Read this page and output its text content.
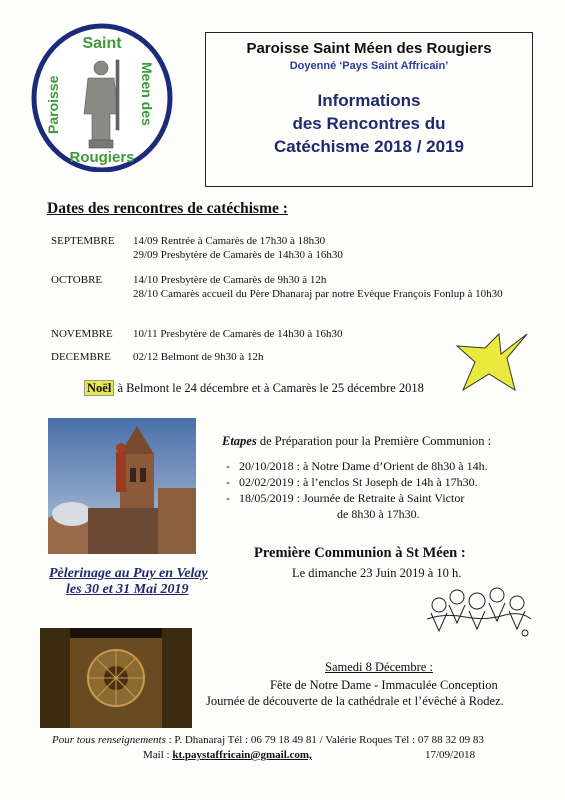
Saint
Rougiers
Paroisse	Meen des
Paroisse Saint Méen des Rougiers
Doyenné ‘Pays Saint Affricain’
Informations
des Rencontres du
Catéchisme 2018 / 2019
Dates des rencontres de catéchisme :
SEPTEMBRE 14/09 Rentrée à Camarès de 17h30 à 18h30
29/09 Presbytère de Camarès de 14h30 à 16h30
OCTOBRE	14/10 Presbytère de Camarès de 9h30 à 12h
28/10 Camarès accueil du Père Dhanaraj par notre Evèque François Fonlup à 10h30
NOVEMBRE 10/11 Presbytère de Camarès de 14h30 à 16h30
DECEMBRE 02/12 Belmont de 9h30 à 12h
Noël à Belmont le 24 décembre et à Camarès le 25 décembre 2018
Etapes de Préparation pour la Première Communion :
-   20/10/2018 : à Notre Dame d’Orient de 8h30 à 14h.
-   02/02/2019 : à l’enclos St Joseph de 14h à 17h30.
-   18/05/2019 : Journée de Retraite à Saint Victor
de 8h30 à 17h30.
Pèlerinage au Puy en Velay
les 30 et 31 Mai 2019
Première Communion à St Méen :
Le dimanche 23 Juin 2019 à 10 h.
Samedi 8 Décembre :
Fête de Notre Dame - Immaculée Conception
Journée de découverte de la cathédrale et l’évêché à Rodez.
Pour tous renseignements : P. Dhanaraj Tél : 06 79 18 49 81 / Valérie Roques Tél : 07 88 32 09 83
Mail : kt.paystaffricain@gmail.com,	17/09/2018
